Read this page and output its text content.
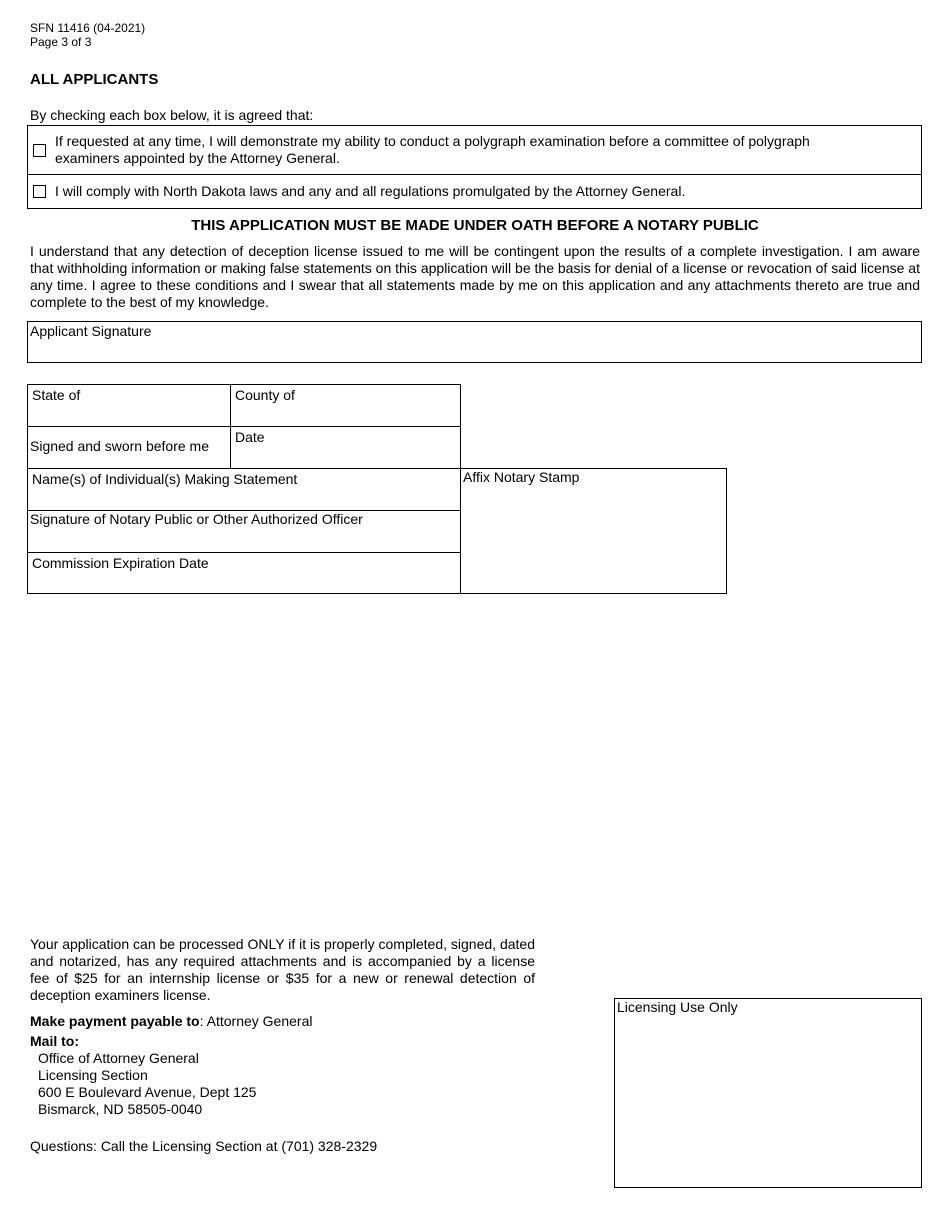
SFN 11416 (04-2021)
Page 3 of 3
ALL APPLICANTS
By checking each box below, it is agreed that:
If requested at any time, I will demonstrate my ability to conduct a polygraph examination before a committee of polygraph
examiners appointed by the Attorney General.
I will comply with North Dakota laws and any and all regulations promulgated by the Attorney General.
THIS APPLICATION MUST BE MADE UNDER OATH BEFORE A NOTARY PUBLIC
I understand that any detection of deception license issued to me will be contingent upon the results of a complete investigation. I am aware that withholding information or making false statements on this application will be the basis for denial of a license or revocation of said license at any time. I agree to these conditions and I swear that all statements made by me on this application and any attachments thereto are true and complete to the best of my knowledge.
Applicant Signature
State of	County of
Signed and sworn before me
Date
Name(s) of Individual(s) Making Statement
Signature of Notary Public or Other Authorized Officer
Commission Expiration Date
Affix Notary Stamp
Your application can be processed ONLY if it is properly completed, signed, dated and notarized, has any required attachments and is accompanied by a license fee of $25 for an internship license or $35 for a new or renewal detection of deception examiners license.
Make payment payable to: Attorney General
Mail to:
Office of Attorney General
Licensing Section
600 E Boulevard Avenue, Dept 125
Bismarck, ND 58505-0040
Questions: Call the Licensing Section at (701) 328-2329
Licensing Use Only
